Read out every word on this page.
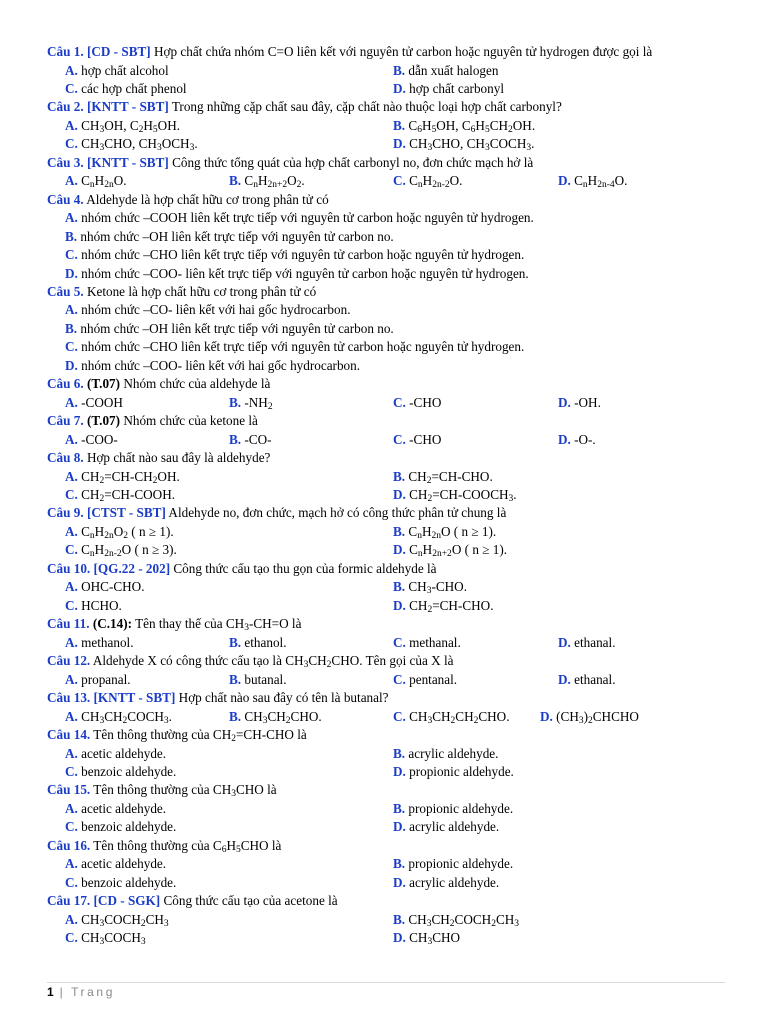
Câu 1. [CD - SBT] Hợp chất chứa nhóm C=O liên kết với nguyên tử carbon hoặc nguyên tử hydrogen được gọi là
A. hợp chất alcohol	B. dẫn xuất halogen
C. các hợp chất phenol	D. hợp chất carbonyl
Câu 2. [KNTT - SBT] Trong những cặp chất sau đây, cặp chất nào thuộc loại hợp chất carbonyl?
A. $CH_3OH$, $C_2H_5OH$.	B. $C_6H_5OH$, $C_6H_5CH_2OH$.
C. $CH_3CHO$, $CH_3OCH_3$.	D. $CH_3CHO$, $CH_3COCH_3$.
Câu 3. [KNTT - SBT] Công thức tổng quát của hợp chất carbonyl no, đơn chức mạch hở là
A. $C_nH_{2n}O$.	B. $C_nH_{2n+2}O_2$.	C. $C_nH_{2n-2}O$.	D. $C_nH_{2n-4}O$.
Câu 4. Aldehyde là hợp chất hữu cơ trong phân tử có
A. nhóm chức –COOH liên kết trực tiếp với nguyên tử carbon hoặc nguyên tử hydrogen.
B. nhóm chức –OH liên kết trực tiếp với nguyên tử carbon no.
C. nhóm chức –CHO liên kết trực tiếp với nguyên tử carbon hoặc nguyên tử hydrogen.
D. nhóm chức –COO- liên kết trực tiếp với nguyên tử carbon hoặc nguyên tử hydrogen.
Câu 5. Ketone là hợp chất hữu cơ trong phân tử có
A. nhóm chức –CO- liên kết với hai gốc hydrocarbon.
B. nhóm chức –OH liên kết trực tiếp với nguyên tử carbon no.
C. nhóm chức –CHO liên kết trực tiếp với nguyên tử carbon hoặc nguyên tử hydrogen.
D. nhóm chức –COO- liên kết với hai gốc hydrocarbon.
Câu 6. (T.07) Nhóm chức của aldehyde là
A. -COOH	B. $-NH_2$	C. -CHO	D. -OH.
Câu 7. (T.07) Nhóm chức của ketone là
A. -COO-	B. -CO-	C. -CHO	D. -O-.
Câu 8. Hợp chất nào sau đây là aldehyde?
A. $CH_2=CH-CH_2OH$.	B. $CH_2=CH$-CHO.
C. $CH_2=CH$-COOH.	D. $CH_2=CH-COOCH_3$.
Câu 9. [CTST - SBT] Aldehyde no, đơn chức, mạch hở có công thức phân tử chung là
A. $C_nH_{2n}O_2$ ( n ≥ 1).	B. $C_nH_{2n}O$ ( n ≥ 1).
C. $C_nH_{2n-2}O$ ( n ≥ 3).	D. $C_nH_{2n+2}O$ ( n ≥ 1).
Câu 10. [QG.22 - 202] Công thức cấu tạo thu gọn của formic aldehyde là
A. OHC-CHO.	B. $CH_3$-CHO.
C. HCHO.	D. $CH_2=CH$-CHO.
Câu 11. (C.14): Tên thay thế của $CH_3-CH=O$ là
A. methanol.	B. ethanol.	C. methanal.	D. ethanal.
Câu 12. Aldehyde X có công thức cấu tạo là $CH_3CH_2CHO$. Tên gọi của X là
A. propanal.	B. butanal.	C. pentanal.	D. ethanal.
Câu 13. [KNTT - SBT] Hợp chất nào sau đây có tên là butanal?
A. $CH_3CH_2COCH_3$.	B. $CH_3CH_2CHO$.	C. $CH_3CH_2CH_2CHO$. D. $(CH_3)_2CHCHO$
Câu 14. Tên thông thường của $CH_2=CH$-CHO là
A. acetic aldehyde.	B. acrylic aldehyde.
C. benzoic aldehyde.	D. propionic aldehyde.
Câu 15. Tên thông thường của $CH_3CHO$ là
A. acetic aldehyde.	B. propionic aldehyde.
C. benzoic aldehyde.	D. acrylic aldehyde.
Câu 16. Tên thông thường của $C_6H_5CHO$ là
A. acetic aldehyde.	B. propionic aldehyde.
C. benzoic aldehyde.	D. acrylic aldehyde.
Câu 17. [CD - SGK] Công thức cấu tạo của acetone là
A. $CH_3COCH_2CH_3$	B. $CH_3CH_2COCH_2CH_3$
C. $CH_3COCH_3$	D. $CH_3CHO$
1 | Trang
